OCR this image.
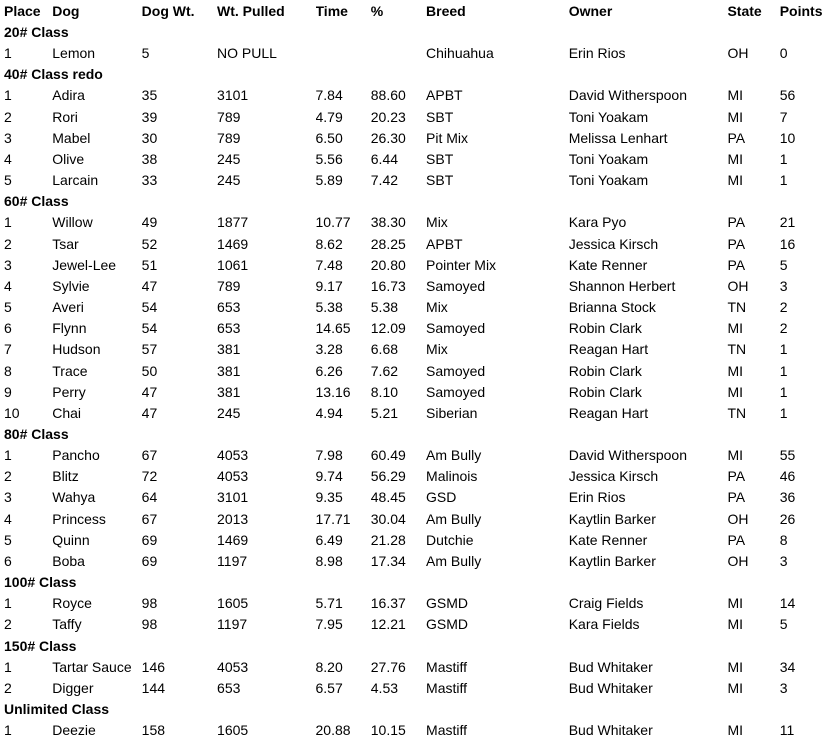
Place	Dog	Dog Wt.	Wt. Pulled	Time	%	Breed	Owner	State	Points
20# Class									
1	Lemon	5	NO PULL			Chihuahua	Erin Rios	OH	0
40# Class redo									
1	Adira	35	3101	7.84	88.60	APBT	David Witherspoon	MI	56
2	Rori	39	789	4.79	20.23	SBT	Toni Yoakam	MI	7
3	Mabel	30	789	6.50	26.30	Pit Mix	Melissa Lenhart	PA	10
4	Olive	38	245	5.56	6.44	SBT	Toni Yoakam	MI	1
5	Larcain	33	245	5.89	7.42	SBT	Toni Yoakam	MI	1
60# Class									
1	Willow	49	1877	10.77	38.30	Mix	Kara Pyo	PA	21
2	Tsar	52	1469	8.62	28.25	APBT	Jessica Kirsch	PA	16
3	Jewel-Lee	51	1061	7.48	20.80	Pointer Mix	Kate Renner	PA	5
4	Sylvie	47	789	9.17	16.73	Samoyed	Shannon Herbert	OH	3
5	Averi	54	653	5.38	5.38	Mix	Brianna Stock	TN	2
6	Flynn	54	653	14.65	12.09	Samoyed	Robin Clark	MI	2
7	Hudson	57	381	3.28	6.68	Mix	Reagan Hart	TN	1
8	Trace	50	381	6.26	7.62	Samoyed	Robin Clark	MI	1
9	Perry	47	381	13.16	8.10	Samoyed	Robin Clark	MI	1
10	Chai	47	245	4.94	5.21	Siberian	Reagan Hart	TN	1
80# Class									
1	Pancho	67	4053	7.98	60.49	Am Bully	David Witherspoon	MI	55
2	Blitz	72	4053	9.74	56.29	Malinois	Jessica Kirsch	PA	46
3	Wahya	64	3101	9.35	48.45	GSD	Erin Rios	PA	36
4	Princess	67	2013	17.71	30.04	Am Bully	Kaytlin Barker	OH	26
5	Quinn	69	1469	6.49	21.28	Dutchie	Kate Renner	PA	8
6	Boba	69	1197	8.98	17.34	Am Bully	Kaytlin Barker	OH	3
100# Class									
1	Royce	98	1605	5.71	16.37	GSMD	Craig Fields	MI	14
2	Taffy	98	1197	7.95	12.21	GSMD	Kara Fields	MI	5
150# Class									
1	Tartar Sauce	146	4053	8.20	27.76	Mastiff	Bud Whitaker	MI	34
2	Digger	144	653	6.57	4.53	Mastiff	Bud Whitaker	MI	3
Unlimited Class									
1	Deezie	158	1605	20.88	10.15	Mastiff	Bud Whitaker	MI	11
